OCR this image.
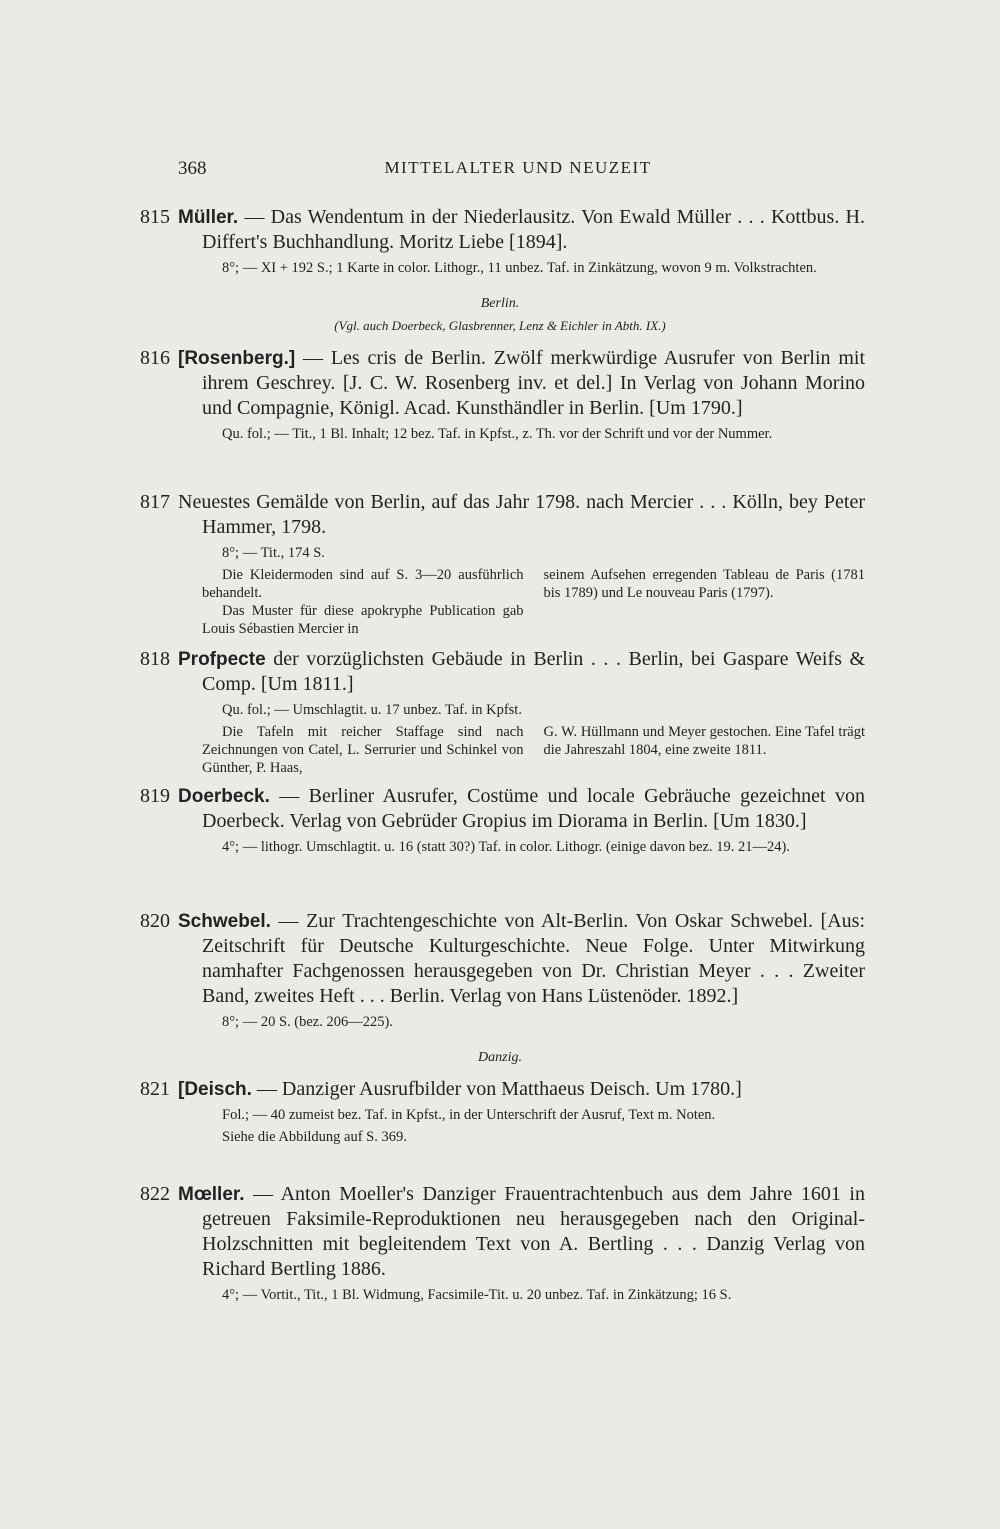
368	MITTELALTER UND NEUZEIT
815 Müller. — Das Wendentum in der Niederlausitz. Von Ewald Müller . . . Kottbus. H. Differt's Buchhandlung. Moritz Liebe [1894].
8°; — XI + 192 S.; 1 Karte in color. Lithogr., 11 unbez. Taf. in Zinkätzung, wovon 9 m. Volkstrachten.
Berlin.
(Vgl. auch Doerbeck, Glasbrenner, Lenz & Eichler in Abth. IX.)
816 [Rosenberg.] — Les cris de Berlin. Zwölf merkwürdige Ausrufer von Berlin mit ihrem Geschrey. [J. C. W. Rosenberg inv. et del.] In Verlag von Johann Morino und Compagnie, Königl. Acad. Kunsthändler in Berlin. [Um 1790.]
Qu. fol.; — Tit., 1 Bl. Inhalt; 12 bez. Taf. in Kpfst., z. Th. vor der Schrift und vor der Nummer.
817 Neuestes Gemälde von Berlin, auf das Jahr 1798. nach Mercier . . . Kölln, bey Peter Hammer, 1798.
8°; — Tit., 174 S.
Die Kleidermoden sind auf S. 3—20 ausführlich behandelt.
Das Muster für diese apokryphe Publication gab Louis Sébastien Mercier in
seinem Aufsehen erregenden Tableau de Paris (1781 bis 1789) und Le nouveau Paris (1797).
818 Profpecte der vorzüglichsten Gebäude in Berlin . . . Berlin, bei Gaspare Weifs & Comp. [Um 1811.]
Qu. fol.; — Umschlagtit. u. 17 unbez. Taf. in Kpfst.
Die Tafeln mit reicher Staffage sind nach Zeichnungen von Catel, L. Serrurier und Schinkel von Günther, P. Haas,
G. W. Hüllmann und Meyer gestochen. Eine Tafel trägt die Jahreszahl 1804, eine zweite 1811.
819 Doerbeck. — Berliner Ausrufer, Costüme und locale Gebräuche gezeichnet von Doerbeck. Verlag von Gebrüder Gropius im Diorama in Berlin. [Um 1830.]
4°; — lithogr. Umschlagtit. u. 16 (statt 30?) Taf. in color. Lithogr. (einige davon bez. 19. 21—24).
820 Schwebel. — Zur Trachtengeschichte von Alt-Berlin. Von Oskar Schwebel. [Aus: Zeitschrift für Deutsche Kulturgeschichte. Neue Folge. Unter Mitwirkung namhafter Fachgenossen herausgegeben von Dr. Christian Meyer . . . Zweiter Band, zweites Heft . . . Berlin. Verlag von Hans Lüstenöder. 1892.]
8°; — 20 S. (bez. 206—225).
Danzig.
821 [Deisch. — Danziger Ausrufbilder von Matthaeus Deisch. Um 1780.]
Fol.; — 40 zumeist bez. Taf. in Kpfst., in der Unterschrift der Ausruf, Text m. Noten.
Siehe die Abbildung auf S. 369.
822 Mœller. — Anton Moeller's Danziger Frauentrachtenbuch aus dem Jahre 1601 in getreuen Faksimile-Reproduktionen neu herausgegeben nach den Original-Holzschnitten mit begleitendem Text von A. Bertling . . . Danzig Verlag von Richard Bertling 1886.
4°; — Vortit., Tit., 1 Bl. Widmung, Facsimile-Tit. u. 20 unbez. Taf. in Zinkätzung; 16 S.
